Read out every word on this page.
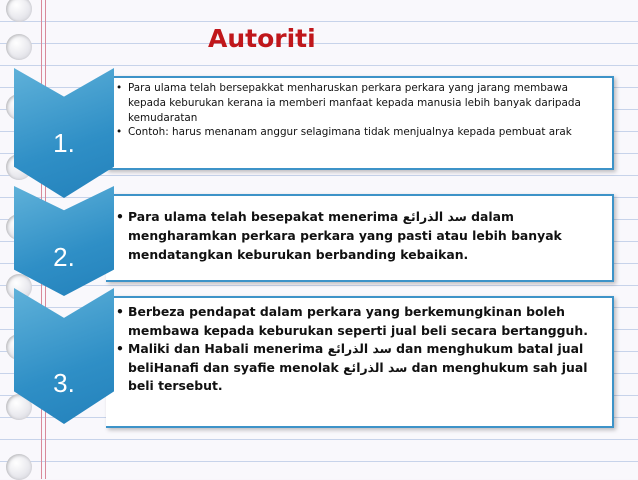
Autoriti
• Para ulama telah bersepakkat menharuskan perkara perkara yang jarang membawa kepada keburukan kerana ia memberi manfaat kepada manusia lebih banyak daripada kemudaratan
• Contoh: harus menanam anggur selagimana tidak menjualnya kepada pembuat arak
1.
• Para ulama telah besepakat menerima سد الذرائع dalam mengharamkan perkara perkara yang pasti atau lebih banyak mendatangkan keburukan berbanding kebaikan.
2.
• Berbeza pendapat dalam perkara yang berkemungkinan boleh membawa kepada keburukan seperti jual beli secara bertangguh.
• Maliki dan Habali menerima سد الذرائع dan menghukum batal jual beliHanafi dan syafie menolak سد الذرائع dan menghukum sah jual beli tersebut.
3.
